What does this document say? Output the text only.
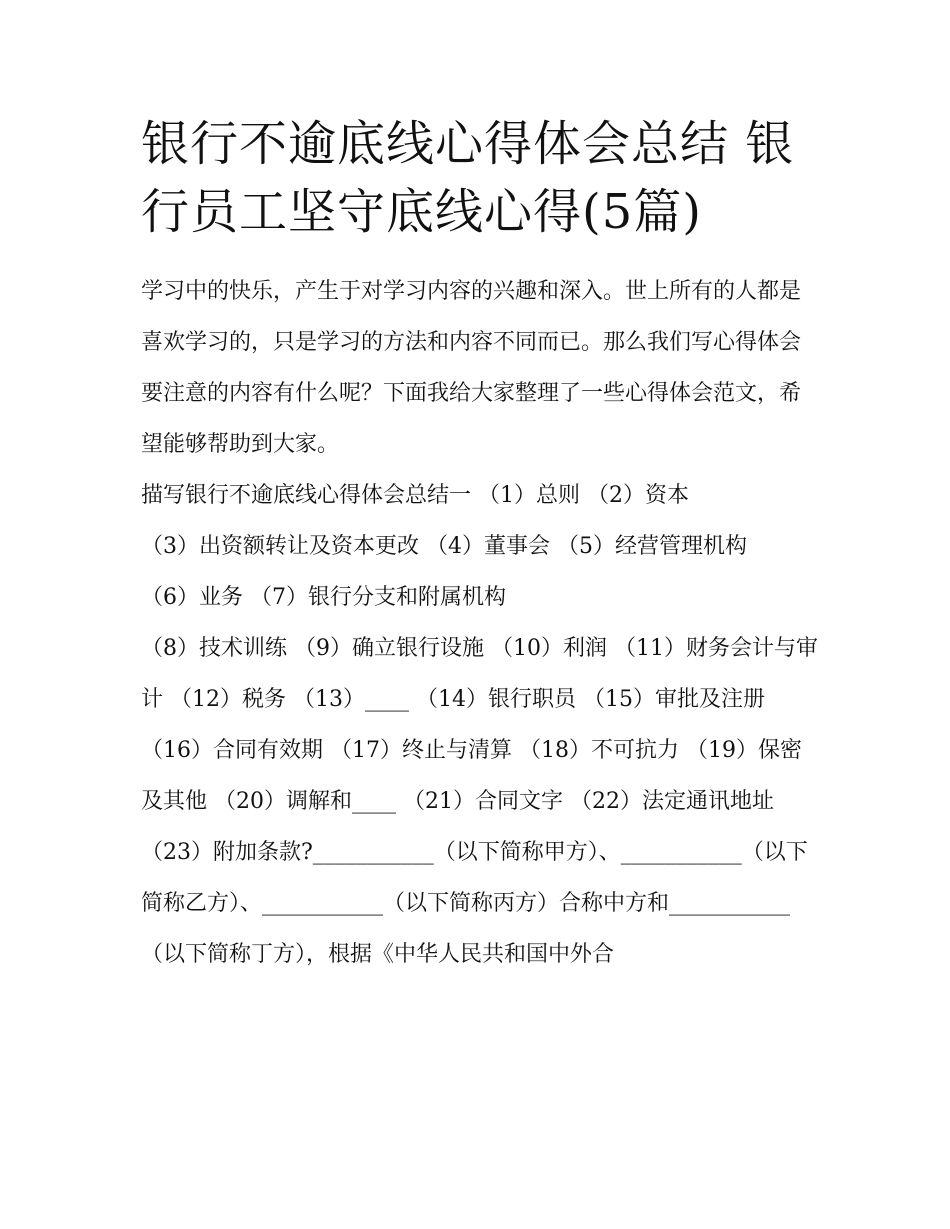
银行不逾底线心得体会总结 银行员工坚守底线心得(5篇)

学习中的快乐，产生于对学习内容的兴趣和深入。世上所有的人都是喜欢学习的，只是学习的方法和内容不同而已。那么我们写心得体会要注意的内容有什么呢？下面我给大家整理了一些心得体会范文，希望能够帮助到大家。

描写银行不逾底线心得体会总结一 （1）总则 （2）资本

（3）出资额转让及资本更改 （4）董事会 （5）经营管理机构

（6）业务 （7）银行分支和附属机构

（8）技术训练 （9）确立银行设施 （10）利润 （11）财务会计与审计 （12）税务 （13）____ （14）银行职员 （15）审批及注册

（16）合同有效期 （17）终止与清算 （18）不可抗力 （19）保密及其他 （20）调解和____ （21）合同文字 （22）法定通讯地址

（23）附加条款?___________（以下简称甲方）、___________（以下简称乙方）、___________（以下简称丙方）合称中方和___________（以下简称丁方），根据《中华人民共和国中外合
